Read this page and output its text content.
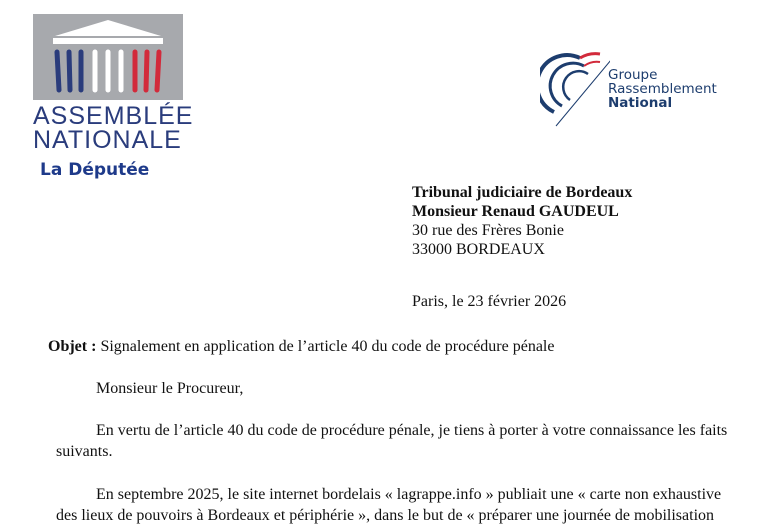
ASSEMBLÉE
NATIONALE
La Députée
Groupe
Rassemblement
National
Tribunal judiciaire de Bordeaux
Monsieur Renaud GAUDEUL
30 rue des Frères Bonie
33000 BORDEAUX
Paris, le 23 février 2026
Objet : Signalement en application de l’article 40 du code de procédure pénale
Monsieur le Procureur,
En vertu de l’article 40 du code de procédure pénale, je tiens à porter à votre connaissance les faits
suivants.
En septembre 2025, le site internet bordelais « lagrappe.info » publiait une « carte non exhaustive
des lieux de pouvoirs à Bordeaux et périphérie », dans le but de « préparer une journée de mobilisation
